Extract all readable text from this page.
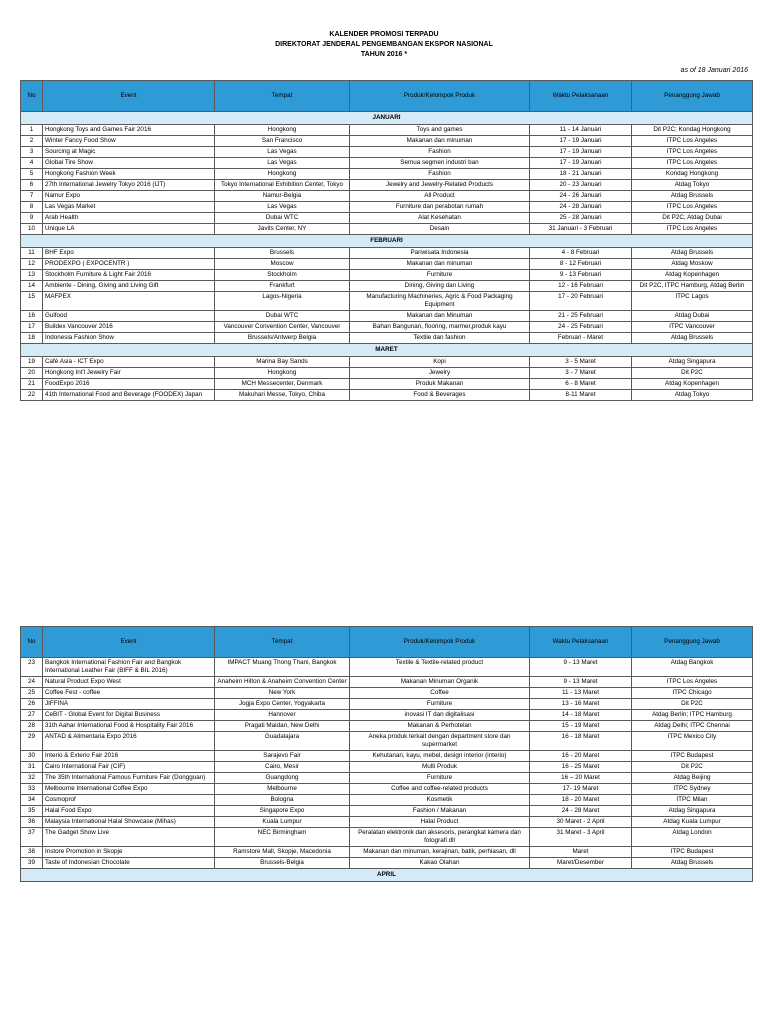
KALENDER PROMOSI TERPADU
DIREKTORAT JENDERAL PENGEMBANGAN EKSPOR NASIONAL
TAHUN 2016 *
as of 18 Januari 2016
No	Event	Tempat	Produk/Kelompok Produk	Waktu Pelaksanaan	Penanggung Jawab
JANUARI					
1	Hongkong Toys and Games Fair 2016	Hongkong	Toys and games	11 - 14 Januari	Dit P2C; Kondag Hongkong
2	Winter Fancy Food Show	San Francisco	Makanan dan minuman	17 - 19 Januari	ITPC Los Angeles
3	Sourcing at Magic	Las Vegas	Fashion	17 - 19 Januari	ITPC Los Angeles
4	Global Tire Show	Las Vegas	Semua segmen industri ban	17 - 19 Januari	ITPC Los Angeles
5	Hongkong Fashion Week	Hongkong	Fashion	18 - 21 Januari	Kondag Hongkong
6	27th International Jewelry Tokyo 2016 (IJT)	Tokyo International Exhibition Center, Tokyo	Jewelry and Jewelry-Related Products	20 - 23 Januari	Atdag Tokyo
7	Namur Expo	Namur-Belgia	All Product	24 - 26 Januari	Atdag Brussels
8	Las Vegas Market	Las Vegas	Furniture dan perabotan rumah	24 - 28 Januari	ITPC Los Angeles
9	Arab Health	Dubai WTC	Alat Kesehatan	25 - 28 Januari	Dit P2C, Atdag Dubai
10	Unique LA	Javits Center, NY	Desain	31 Januari - 3 Februari	ITPC Los Angeles
FEBRUARI					
11	BHF Expo	Brussels	Pariwisata Indonesia	4 - 8 Februari	Atdag Brussels
12	PRODEXPO ( EXPOCENTR )	Moscow	Makanan dan minuman	8 - 12 Februari	Atdag Moskow
13	Stockholm Furniture & Light Fair 2016	Stockholm	Furniture	9 - 13 Februari	Atdag Kopenhagen
14	Ambiente - Dining, Giving and Living Gift	Frankfurt	Dining, Giving dan Living	12 - 16 Februari	Dit P2C, ITPC Hamburg, Atdag Berlin
15	MAFPEX	Lagos-Nigeria	Manufacturing Machineries, Agric & Food Packaging Equipment	17 - 20 Februari	ITPC Lagos
16	Gulfood	Dubai WTC	Makanan dan Minuman	21 - 25 Februari	Atdag Dubai
17	Buildex Vancouver 2016	Vancouver Convention Center, Vancouver	Bahan Bangunan, flooring, marmer,produk kayu	24 - 25 Februari	ITPC Vancouver
18	Indonesia Fashion Show	Brussels/Antwerp Belgia	Textile dan fashion	Februari - Maret	Atdag Brussels
MARET					
19	Café Asia - ICT Expo	Marina Bay Sands	Kopi	3 - 5 Maret	Atdag Singapura
20	Hongkong Int'l Jewelry Fair	Hongkong	Jewelry	3 - 7 Maret	Dit P2C
21	FoodExpo 2016	MCH Messecenter, Denmark	Produk Makanan	6 - 8 Maret	Atdag Kopenhagen
22	41th International Food and Beverage (FOODEX) Japan	Makuhari Messe, Tokyo, Chiba	Food & Beverages	8-11 Maret	Atdag Tokyo
No	Event	Tempat	Produk/Kelompok Produk	Waktu Pelaksanaan	Penanggung Jawab
23	Bangkok International Fashion Fair and Bangkok International Leather Fair (BIFF & BIL 2016)	IMPACT Muang Thong Thani, Bangkok	Textile & Textile-related product	9 - 13 Maret	Atdag Bangkok
24	Natural Product Expo West	Anaheim Hilton & Anaheim Convention Center	Makanan Minuman Organik	9 - 13 Maret	ITPC Los Angeles
25	Coffee Fest - coffee	New York	Coffee	11 - 13 Maret	ITPC Chicago
26	JIFFINA	Jogja Expo Center, Yogyakarta	Furniture	13 - 16 Maret	Dit P2C
27	CeBIT - Global Event for Digital Business	Hannover	inovasi IT dan digitalisasi	14 - 18 Maret	Atdag Berlin; ITPC Hamburg
28	31th Aahar International Food & Hospitality Fair 2016	Pragati Maidan, New Delhi	Makanan & Perhotelan	15 - 19 Maret	Atdag Delhi; ITPC Chennai
29	ANTAD & Alimentaria Expo 2016	Guadalajara	Aneka produk terkait dengan department store dan supermarket	16 - 18 Maret	ITPC Mexico City
30	Interio & Exterio Fair 2016	Sarajevo Fair	Kehutanan, kayu, mebel, design interior (interio)	16 - 20 Maret	ITPC Budapest
31	Cairo International Fair (CIF)	Cairo, Mesir	Multi Produk	16 - 25 Maret	Dit P2C
32	The 35th International Famous Furniture Fair (Dongguan)	Guangdong	Furniture	16 – 20 Maret	Atdag Beijing
33	Melbourne International Coffee Expo	Melbourne	Coffee and coffee-related products	17- 19 Maret	ITPC Sydney
34	Cosmoprof	Bologna	Kosmetik	18 - 20 Maret	ITPC Milan
35	Halal Food Expo	Singapore Expo	Fashion / Makanan	24 - 28 Maret	Atdag Singapura
36	Malaysia International Halal Showcase (Mihas)	Kuala Lumpur	Halal Product	30 Maret - 2 April	Atdag Kuala Lumpur
37	The Gadget Show Live	NEC Birmingham	Peralatan elektronik dan aksesoris, perangkat kamera dan fotografi dll	31 Maret - 3 April	Atdag London
38	Instore Promotion in Skopje	Ramstore Mall, Skopje, Macedonia	Makanan dan minuman, kerajinan, batik, perhiasan, dll	Maret	ITPC Budapest
39	Taste of Indonesian Chocolate	Brussels-Belgia	Kakao Olahan	Maret/Desember	Atdag Brussels
APRIL					
